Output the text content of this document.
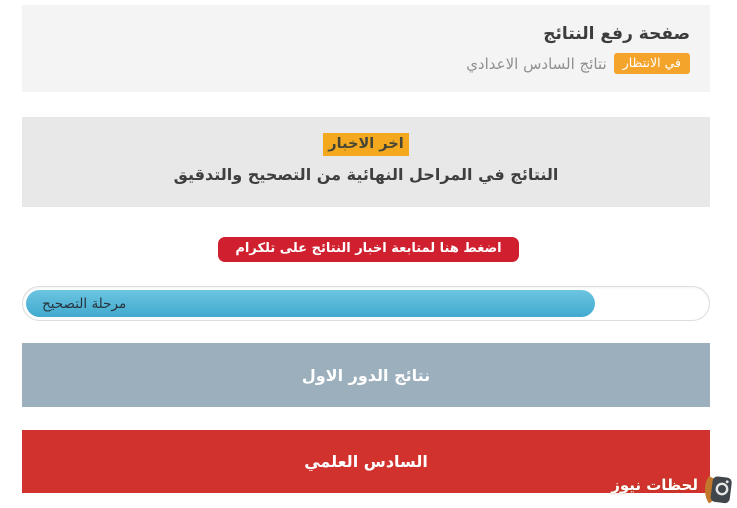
صفحة رفع النتائج
في الانتظار
نتائج السادس الاعدادي
اخر الاخبار
النتائج في المراحل النهائية من التصحيح والتدقيق
اضغط هنا لمتابعة اخبار النتائج على تلكرام
مرحلة التصحيح
نتائج الدور الاول
السادس العلمي
لحظات نيوز
